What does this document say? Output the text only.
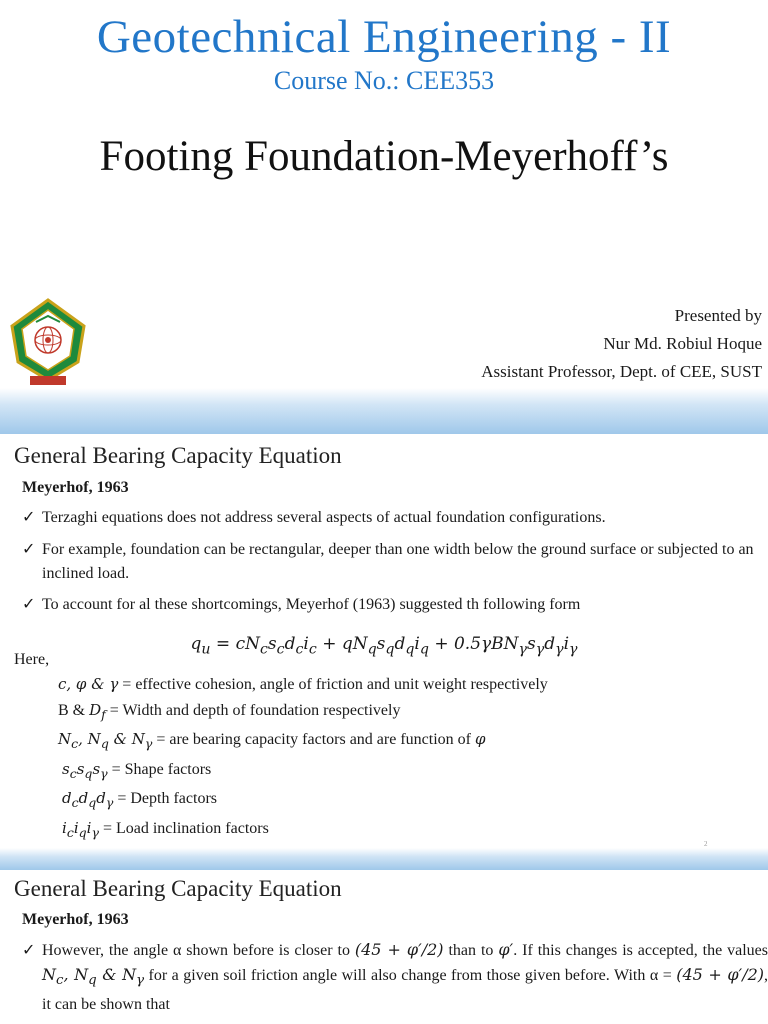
Geotechnical Engineering - II
Course No.: CEE353
Footing Foundation-Meyerhoff’s
Presented by
Nur Md. Robiul Hoque
Assistant Professor, Dept. of CEE, SUST
General Bearing Capacity Equation
Meyerhof, 1963
✓ Terzaghi equations does not address several aspects of actual foundation configurations.
✓ For example, foundation can be rectangular, deeper than one width below the ground surface or subjected to an inclined load.
✓ To account for al these shortcomings, Meyerhof (1963) suggested th following form
$q_u = cN_cs_cd_ci_c + qN_qs_qd_qi_q + 0.5\gamma BN_\gamma s_\gamma d_\gamma i_\gamma$
Here,
c, φ & γ = effective cohesion, angle of friction and unit weight respectively
B & $D_f$ = Width and depth of foundation respectively
$N_c$, $N_q$ & $N_\gamma$ = are bearing capacity factors and are function of φ
$s_cs_qs_\gamma$ = Shape factors
$d_cd_qd_\gamma$ = Depth factors
$i_ci_qi_\gamma$ = Load inclination factors
2
General Bearing Capacity Equation
Meyerhof, 1963
✓ However, the angle α shown before is closer to (45 + φ′/2) than to φ′. If this changes is accepted, the values $N_c$, $N_q$ & $N_\gamma$ for a given soil friction angle will also change from those given before. With α = (45 + φ′/2), it can be shown that
